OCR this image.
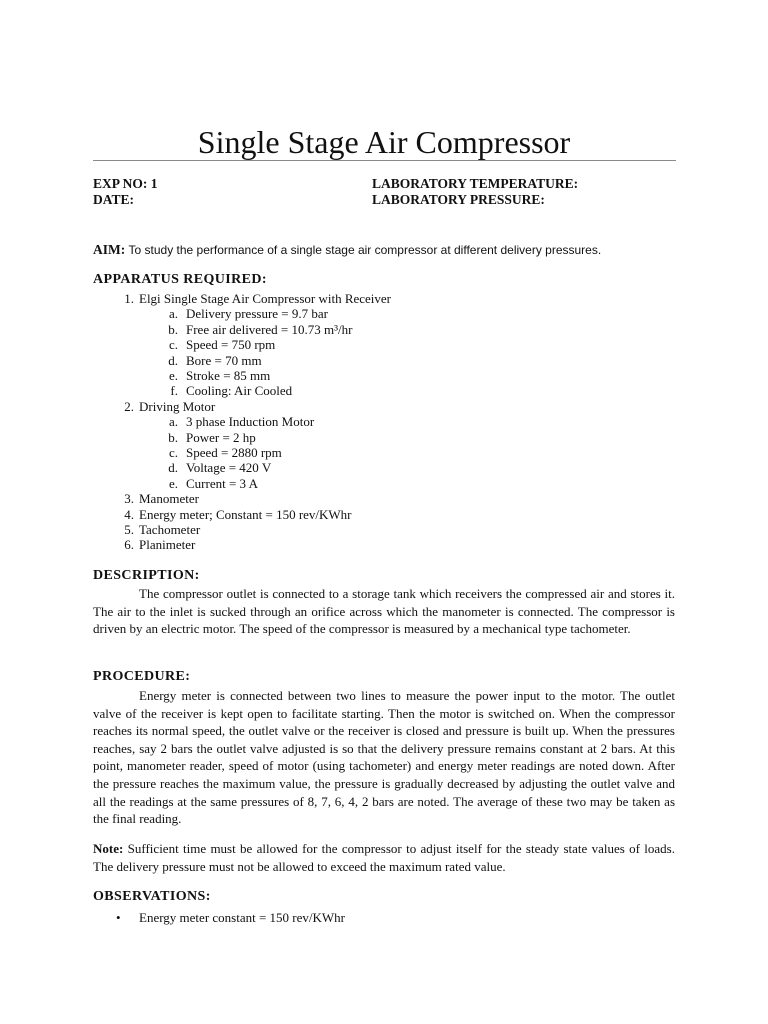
Single Stage Air Compressor
EXP NO: 1
DATE:
LABORATORY TEMPERATURE:
LABORATORY PRESSURE:
AIM: To study the performance of a single stage air compressor at different delivery pressures.
APPARATUS REQUIRED:
1. Elgi Single Stage Air Compressor with Receiver
a. Delivery pressure = 9.7 bar
b. Free air delivered = 10.73 m³/hr
c. Speed = 750 rpm
d. Bore = 70 mm
e. Stroke = 85 mm
f. Cooling: Air Cooled
2. Driving Motor
a. 3 phase Induction Motor
b. Power = 2 hp
c. Speed = 2880 rpm
d. Voltage = 420 V
e. Current = 3 A
3. Manometer
4. Energy meter; Constant = 150 rev/KWhr
5. Tachometer
6. Planimeter
DESCRIPTION:

The compressor outlet is connected to a storage tank which receivers the compressed air and stores it. The air to the inlet is sucked through an orifice across which the manometer is connected. The compressor is driven by an electric motor. The speed of the compressor is measured by a mechanical type tachometer.

PROCEDURE:

Energy meter is connected between two lines to measure the power input to the motor. The outlet valve of the receiver is kept open to facilitate starting. Then the motor is switched on. When the compressor reaches its normal speed, the outlet valve or the receiver is closed and pressure is built up. When the pressures reaches, say 2 bars the outlet valve adjusted is so that the delivery pressure remains constant at 2 bars. At this point, manometer reader, speed of motor (using tachometer) and energy meter readings are noted down. After the pressure reaches the maximum value, the pressure is gradually decreased by adjusting the outlet valve and all the readings at the same pressures of 8, 7, 6, 4, 2 bars are noted. The average of these two may be taken as the final reading.

Note: Sufficient time must be allowed for the compressor to adjust itself for the steady state values of loads. The delivery pressure must not be allowed to exceed the maximum rated value.

OBSERVATIONS:
• Energy meter constant = 150 rev/KWhr
